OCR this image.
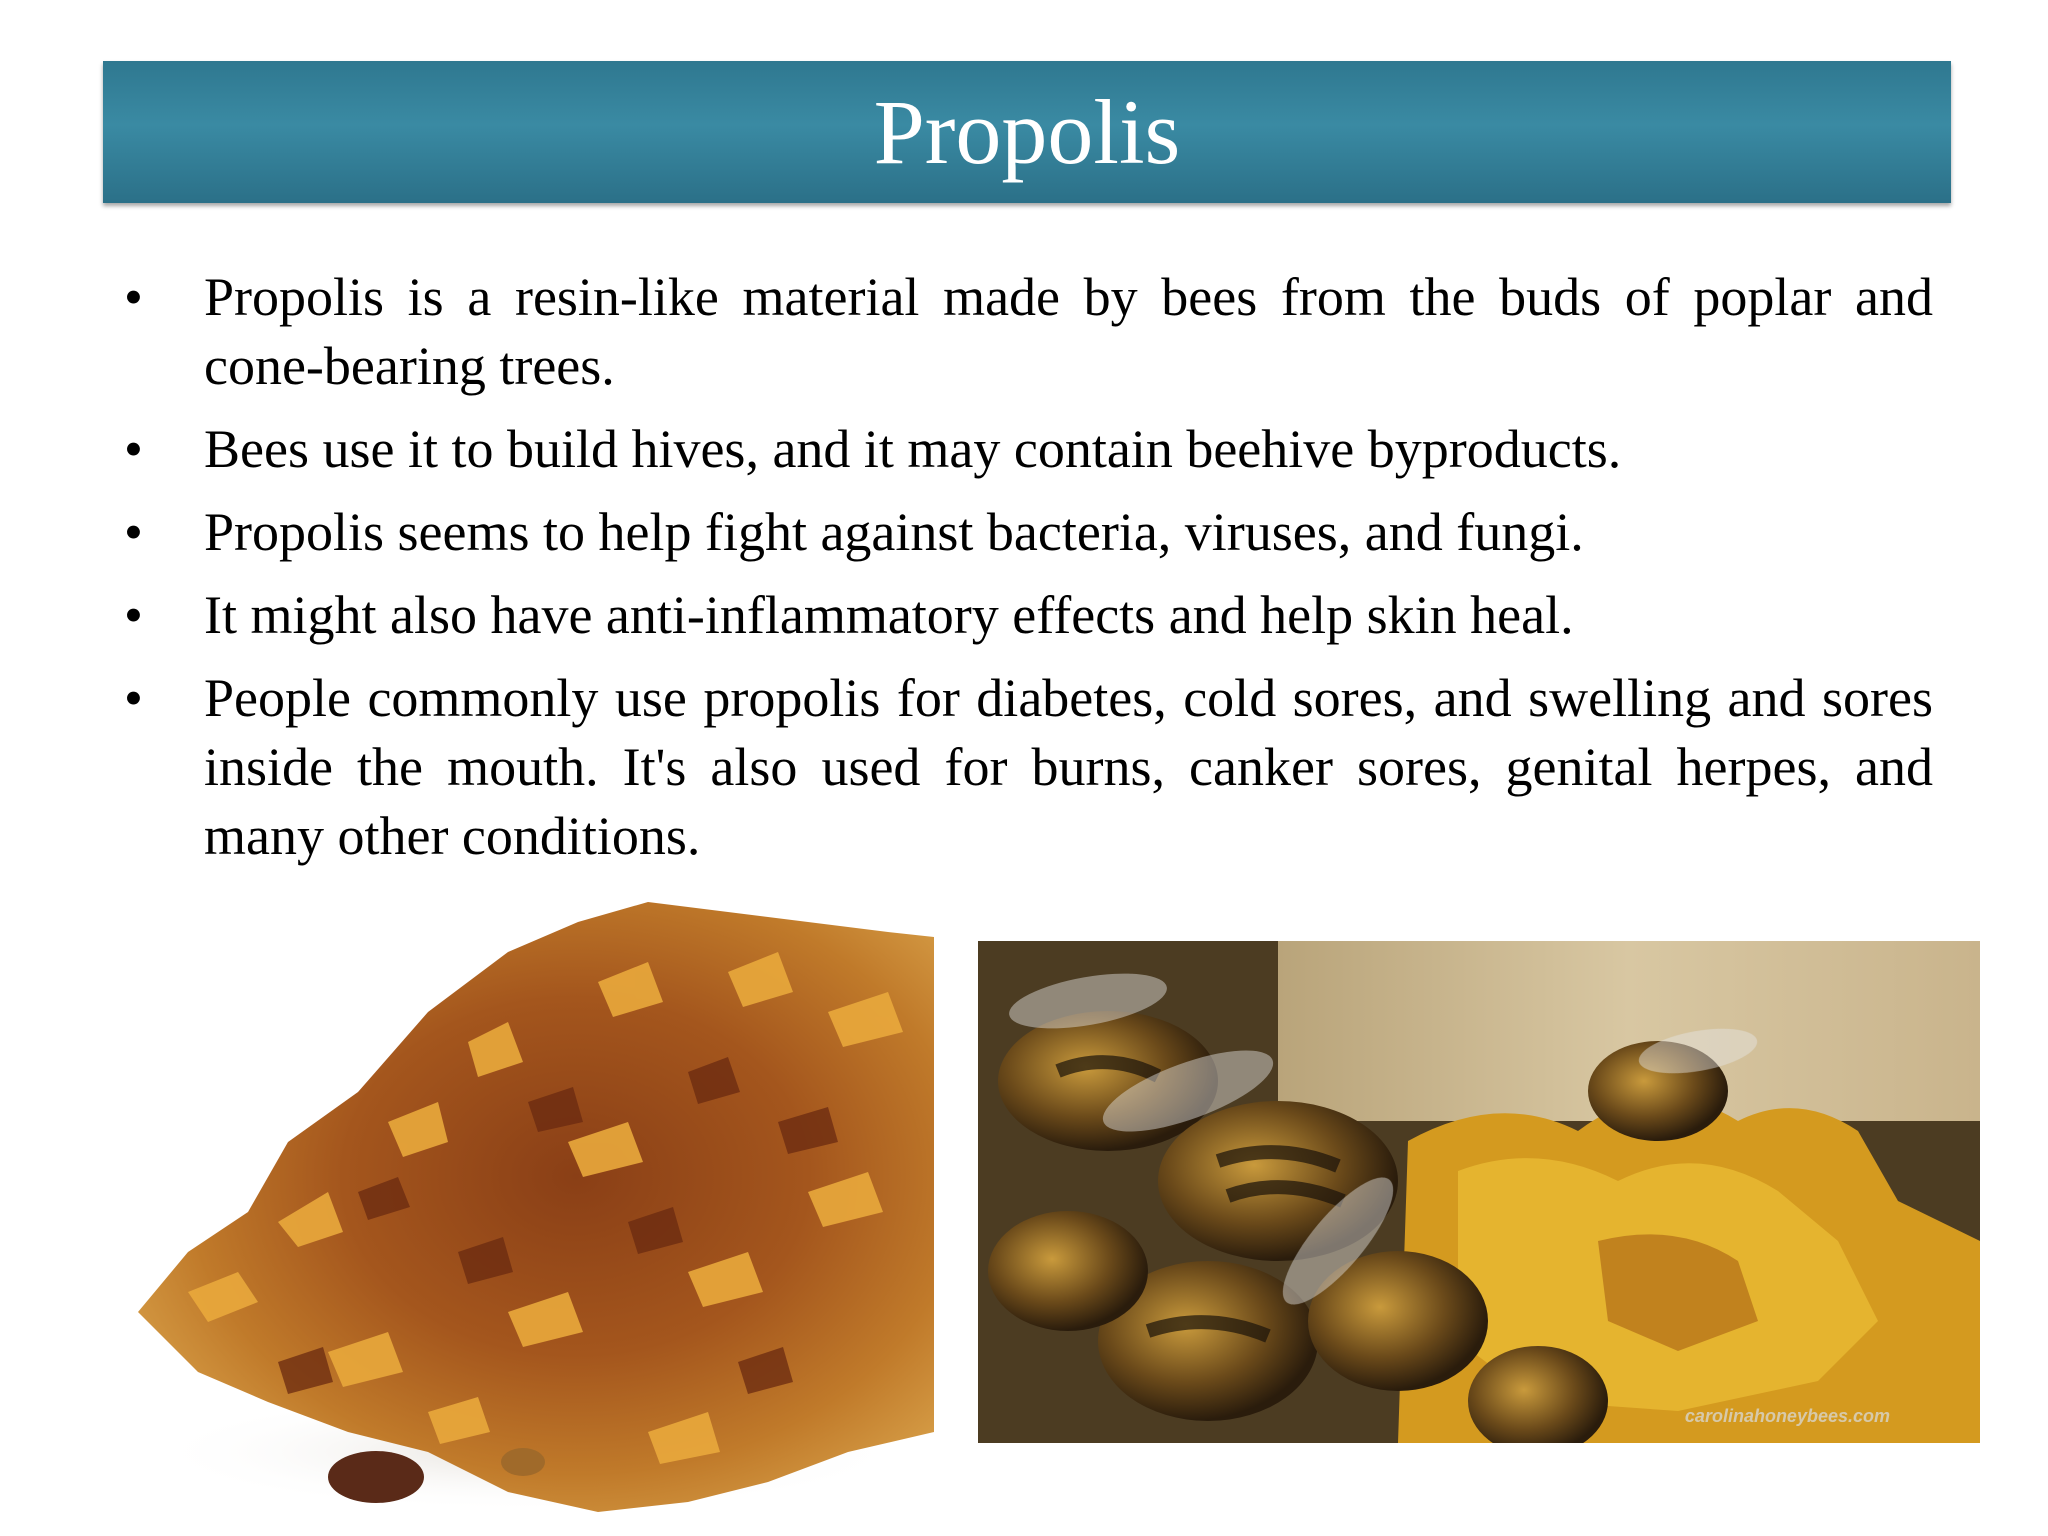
Propolis
• Propolis is a resin-like material made by bees from the buds of poplar and cone-bearing trees.
• Bees use it to build hives, and it may contain beehive byproducts.
• Propolis seems to help fight against bacteria, viruses, and fungi.
• It might also have anti-inflammatory effects and help skin heal.
• People commonly use propolis for diabetes, cold sores, and swelling and sores inside the mouth. It's also used for burns, canker sores, genital herpes, and many other conditions.
carolinahoneybees.com
